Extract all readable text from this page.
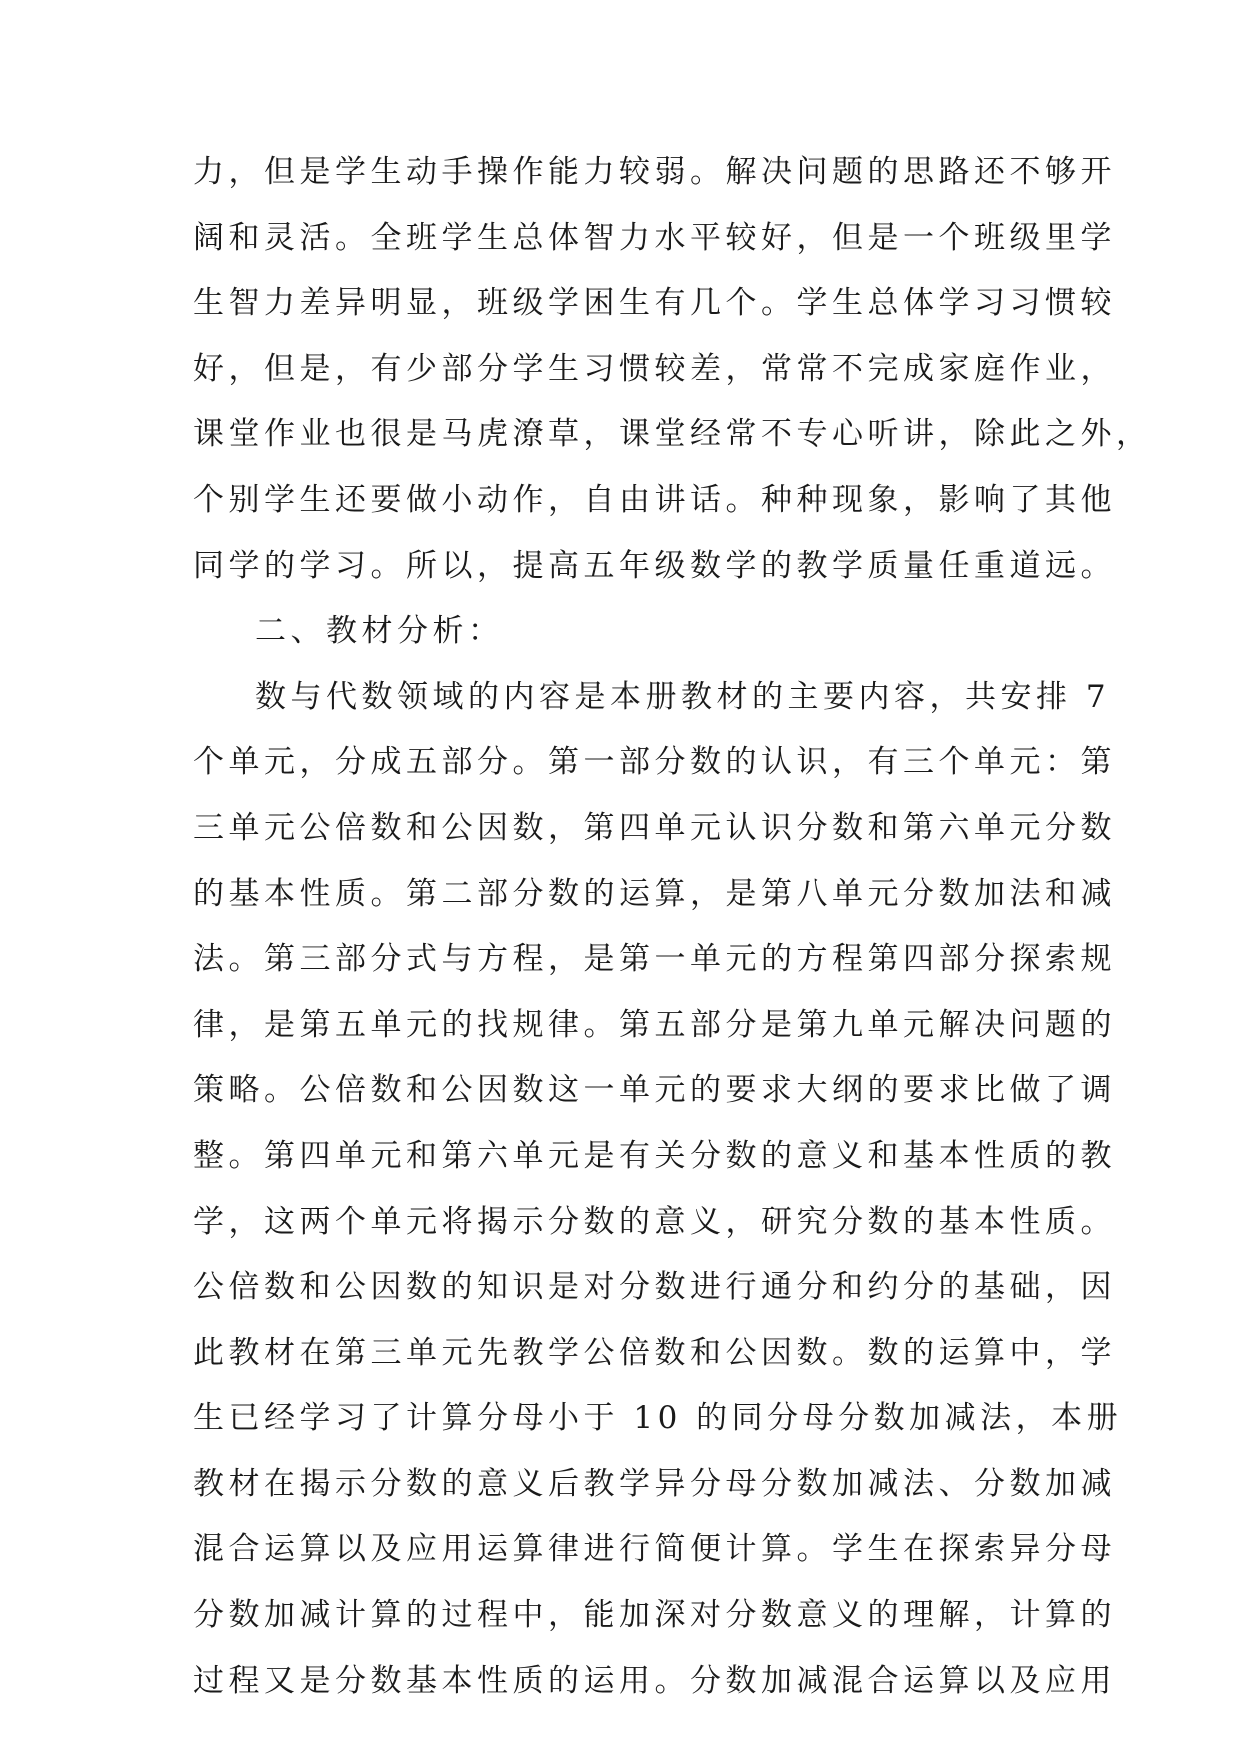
力，但是学生动手操作能力较弱。解决问题的思路还不够开
阔和灵活。全班学生总体智力水平较好，但是一个班级里学
生智力差异明显，班级学困生有几个。学生总体学习习惯较
好，但是，有少部分学生习惯较差，常常不完成家庭作业，
课堂作业也很是马虎潦草，课堂经常不专心听讲，除此之外，
个别学生还要做小动作，自由讲话。种种现象，影响了其他
同学的学习。所以，提高五年级数学的教学质量任重道远。
二、教材分析：
数与代数领域的内容是本册教材的主要内容，共安排 7
个单元，分成五部分。第一部分数的认识，有三个单元：第
三单元公倍数和公因数，第四单元认识分数和第六单元分数
的基本性质。第二部分数的运算，是第八单元分数加法和减
法。第三部分式与方程，是第一单元的方程第四部分探索规
律，是第五单元的找规律。第五部分是第九单元解决问题的
策略。公倍数和公因数这一单元的要求大纲的要求比做了调
整。第四单元和第六单元是有关分数的意义和基本性质的教
学，这两个单元将揭示分数的意义，研究分数的基本性质。
公倍数和公因数的知识是对分数进行通分和约分的基础，因
此教材在第三单元先教学公倍数和公因数。数的运算中，学
生已经学习了计算分母小于 10 的同分母分数加减法，本册
教材在揭示分数的意义后教学异分母分数加减法、分数加减
混合运算以及应用运算律进行简便计算。学生在探索异分母
分数加减计算的过程中，能加深对分数意义的理解，计算的
过程又是分数基本性质的运用。分数加减混合运算以及应用
